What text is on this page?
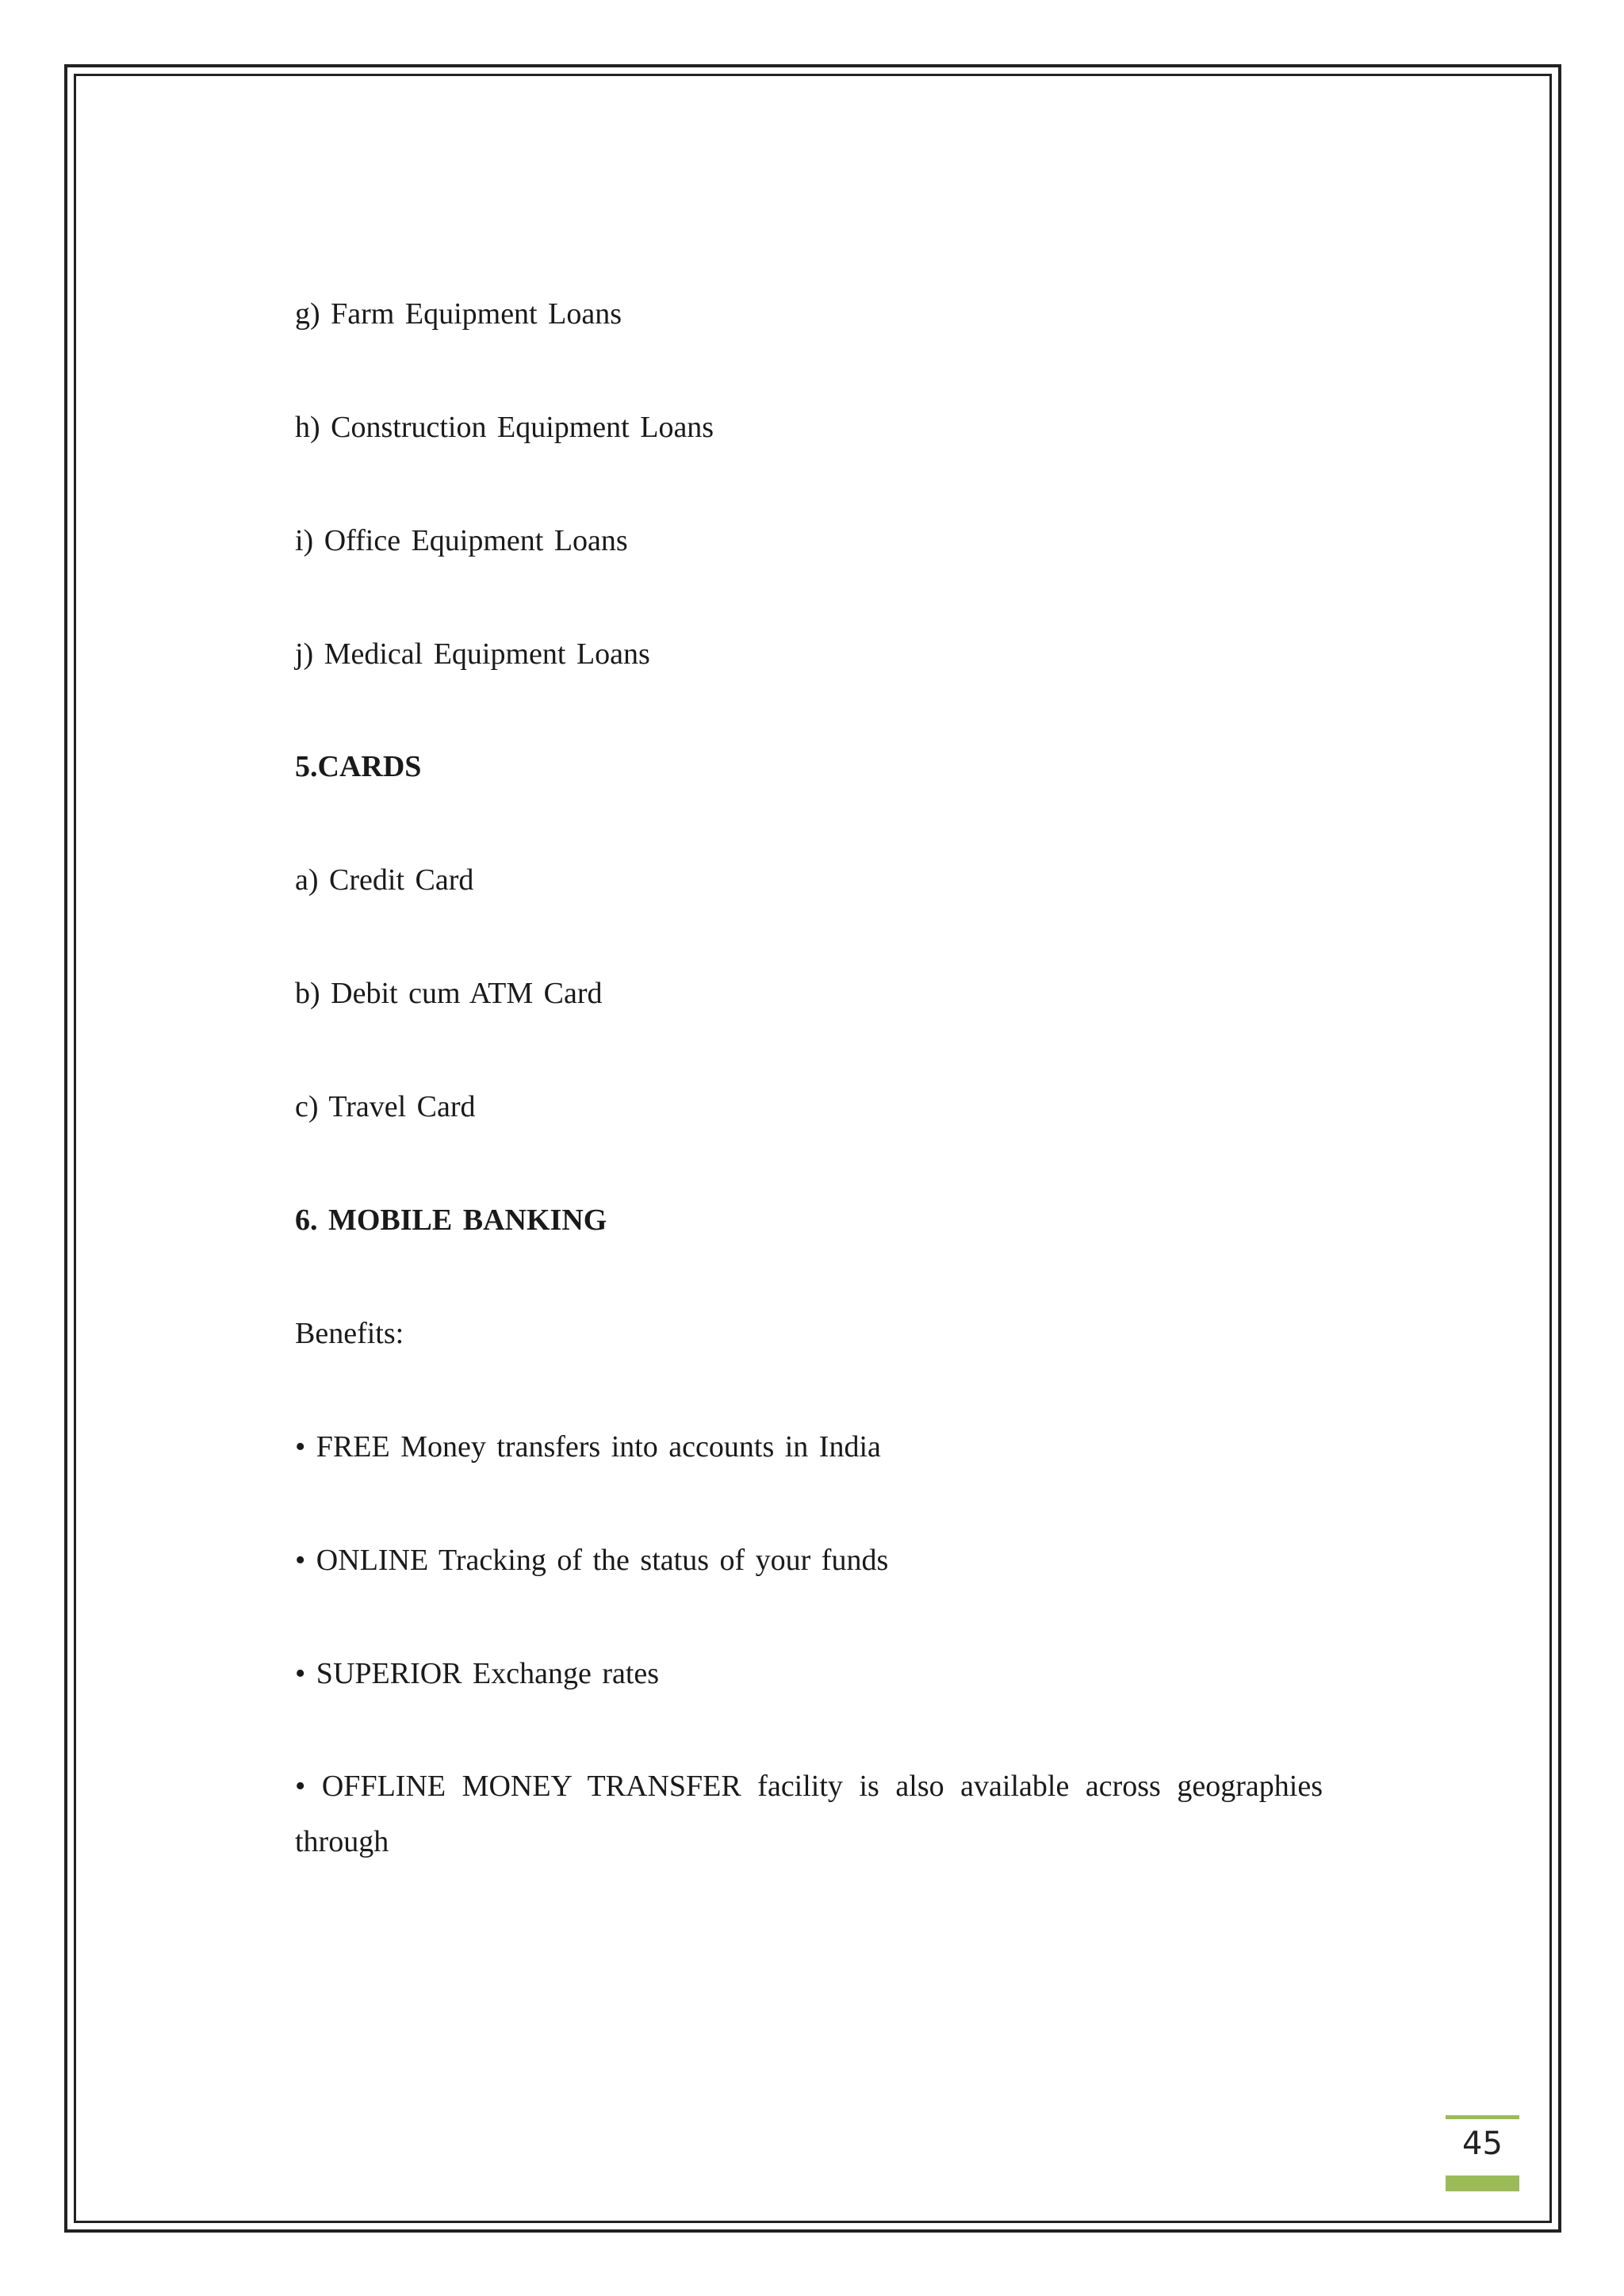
g) Farm Equipment Loans
h) Construction Equipment Loans
i) Office Equipment Loans
j) Medical Equipment Loans
5.CARDS
a) Credit Card
b) Debit cum ATM Card
c) Travel Card
6. MOBILE BANKING
Benefits:
• FREE Money transfers into accounts in India
• ONLINE Tracking of the status of your funds
• SUPERIOR Exchange rates
• OFFLINE MONEY TRANSFER facility is also available across geographies through
45
